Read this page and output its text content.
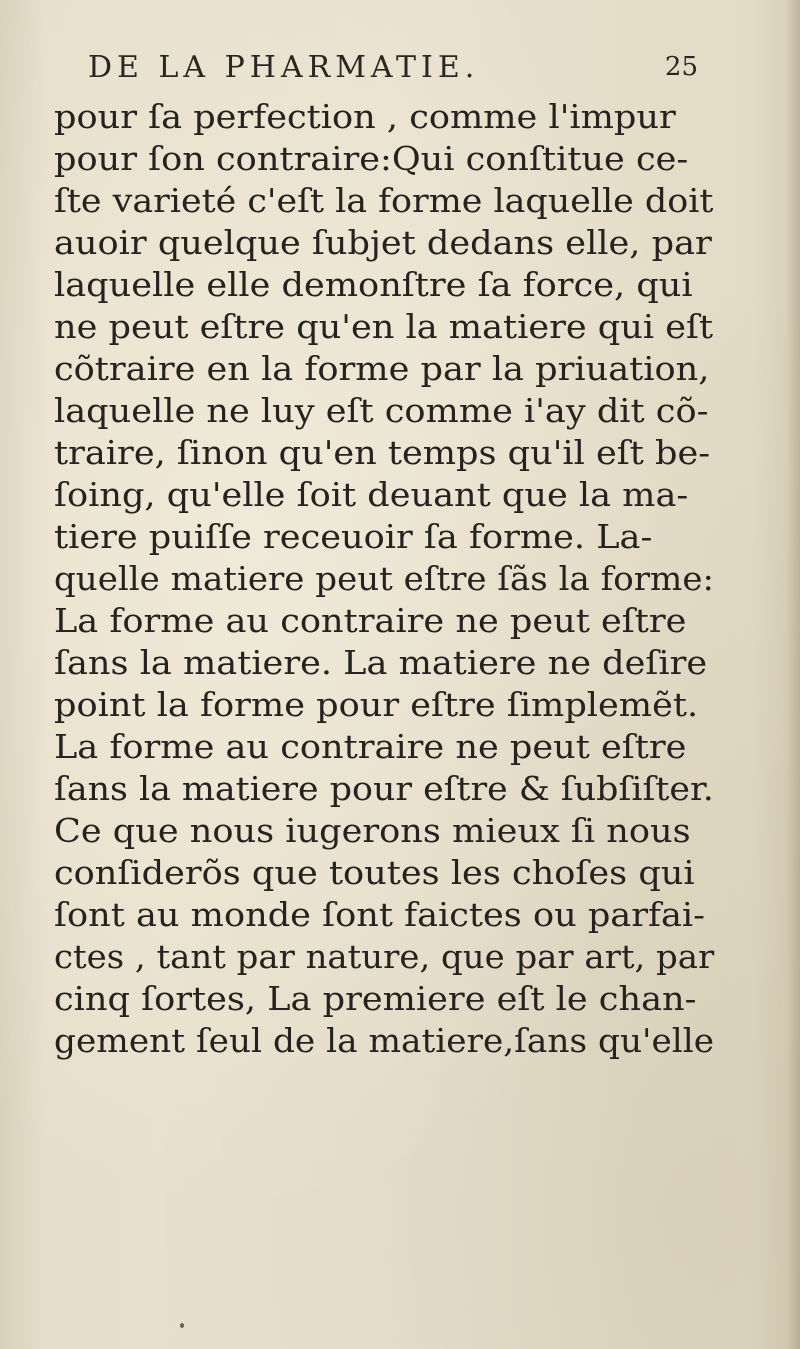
DE LA PHARMATIE.	25
pour ſa perfection , comme l'impur
pour ſon contraire:Qui conſtitue ce-
ſte varieté c'eſt la forme laquelle doit
auoir quelque ſubjet dedans elle, par
laquelle elle demonſtre ſa force, qui
ne peut eſtre qu'en la matiere qui eſt
cõtraire en la forme par la priuation,
laquelle ne luy eſt comme i'ay dit cõ-
traire, ſinon qu'en temps qu'il eſt be-
ſoing, qu'elle ſoit deuant que la ma-
tiere puiſſe receuoir ſa forme. La-
quelle matiere peut eſtre ſãs la forme:
La forme au contraire ne peut eſtre
ſans la matiere. La matiere ne deſire
point la forme pour eſtre ſimplemẽt.
La forme au contraire ne peut eſtre
ſans la matiere pour eſtre & ſubſiſter.
Ce que nous iugerons mieux ſi nous
conſiderõs que toutes les choſes qui
ſont au monde ſont faictes ou parfai-
ctes , tant par nature, que par art, par
cinq ſortes, La premiere eſt le chan-
gement ſeul de la matiere,ſans qu'elle
